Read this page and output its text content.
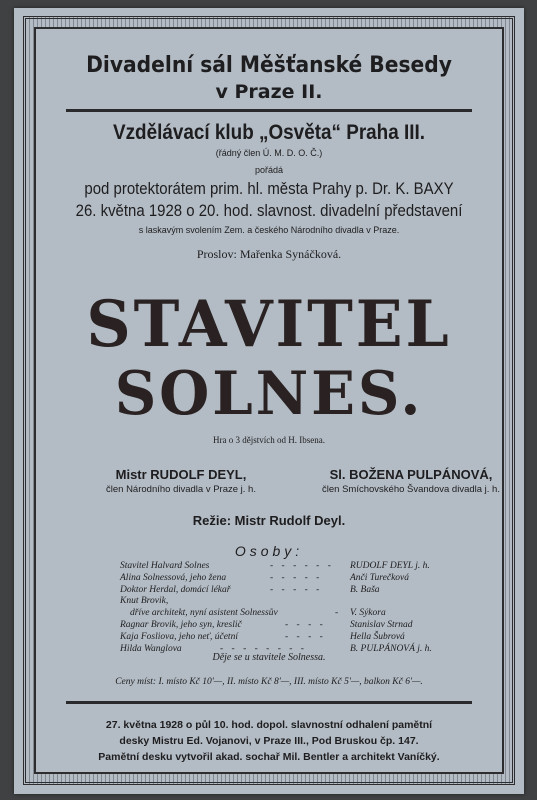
Divadelní sál Měšťanské Besedy
v Praze II.
Vzdělávací klub „Osvěta“ Praha III.
(řádný člen Ú. M. D. O. Č.)
pořádá
pod protektorátem prim. hl. města Prahy p. Dr. K. BAXY
26. května 1928 o 20. hod. slavnost. divadelní představení
s laskavým svolením Zem. a českého Národního divadla v Praze.
Proslov: Mařenka Synáčková.
STAVITEL
SOLNES.
Hra o 3 dějstvích od H. Ibsena.
Mistr RUDOLF DEYL,
člen Národního divadla v Praze j. h.
Sl. BOŽENA PULPÁNOVÁ,
člen Smíchovského Švandova divadla j. h.
Režie: Mistr Rudolf Deyl.
Osoby:
Stavitel Halvard Solnes	- - - - - - RUDOLF DEYL j. h.
Alina Solnessová, jeho žena	- - - - -	Anči Turečková
Doktor Herdal, domácí lékař	- - - - -	B. Baša
Knut Brovik,
dříve architekt, nyní asistent Solnessův	- V. Sýkora
Ragnar Brovik, jeho syn, kreslič	- - - -	Stanislav Strnad
Kaja Fosliova, jeho neť, účetní	- - - -	Hella Šubrová
Hilda Wanglova	- - - - - - - -	B. PULPÁNOVÁ j. h.
Děje se u stavitele Solnessa.
Ceny míst: I. místo Kč 10'—, II. místo Kč 8'—, III. místo Kč 5'—, balkon Kč 6'—.
27. května 1928 o půl 10. hod. dopol. slavnostní odhalení pamětní
desky Mistru Ed. Vojanovi, v Praze III., Pod Bruskou čp. 147.
Pamětní desku vytvořil akad. sochař Mil. Bentler a architekt Vaníčký.
